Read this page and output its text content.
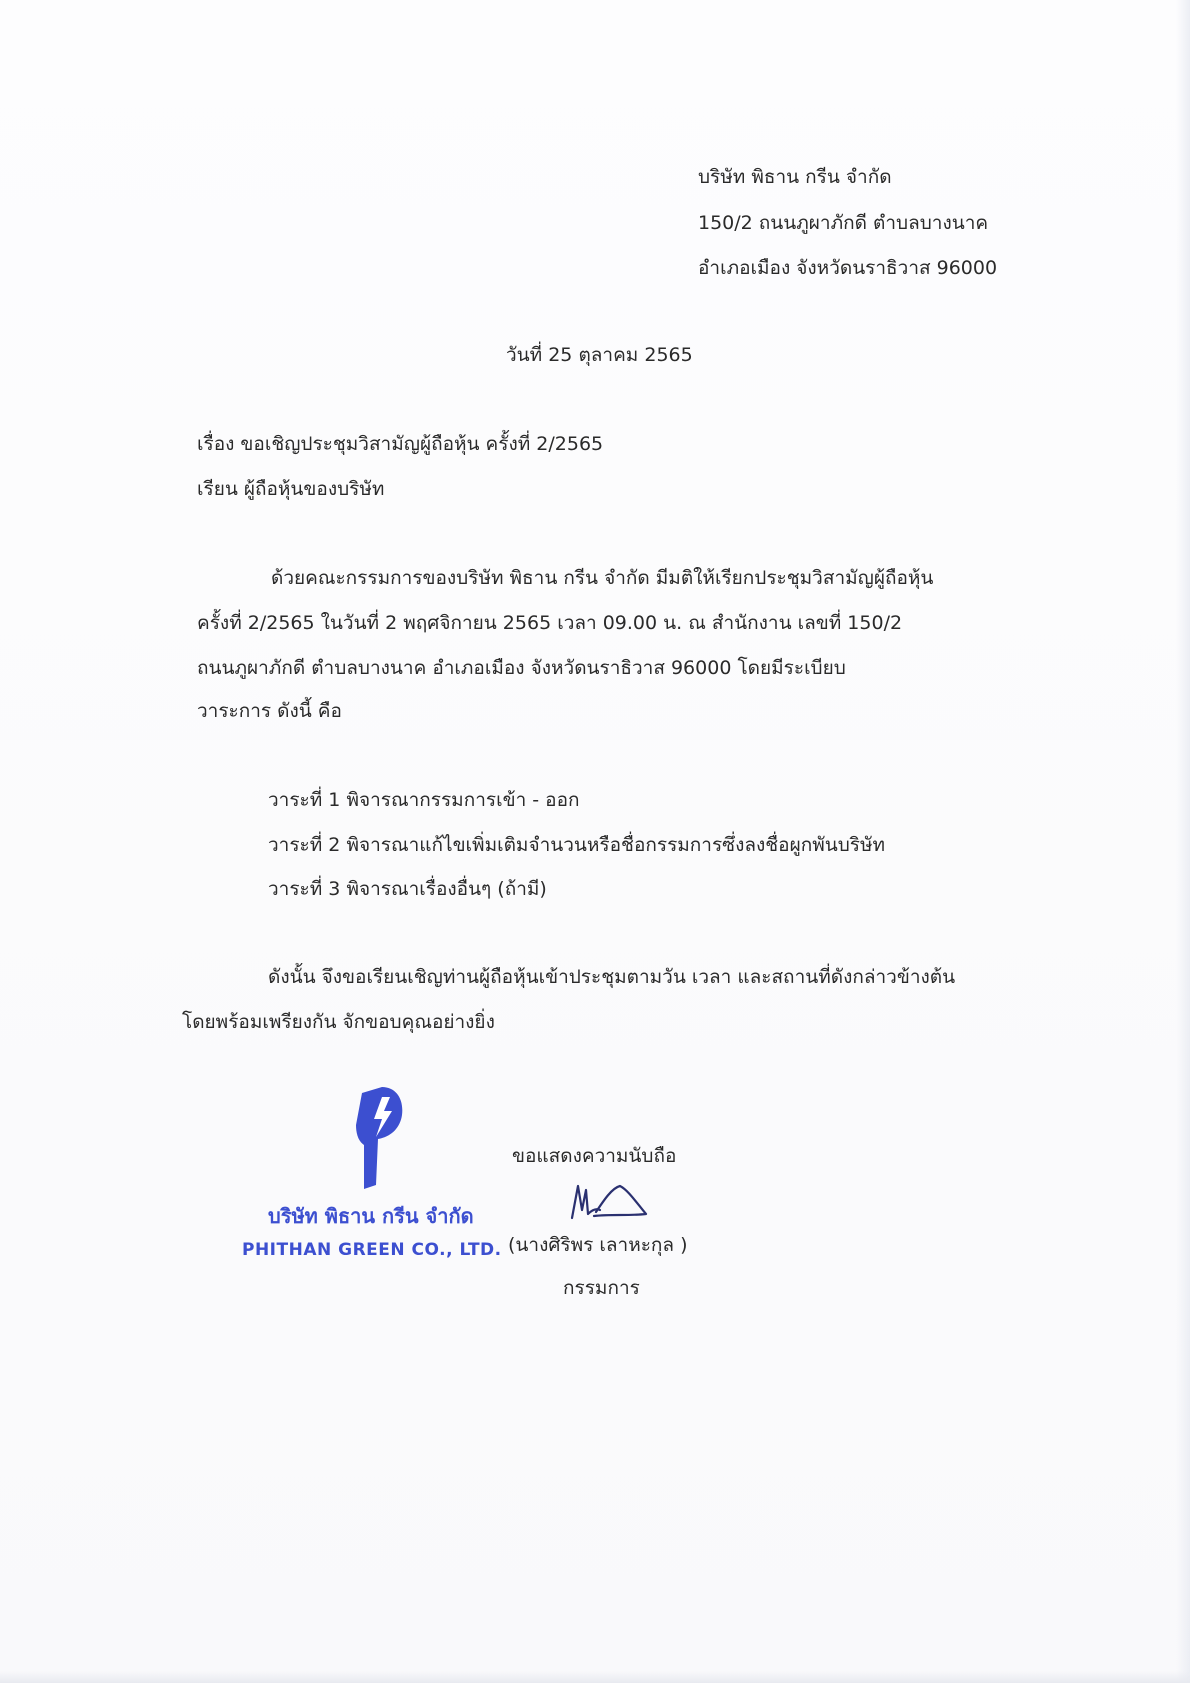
บริษัท พิธาน กรีน จำกัด
150/2 ถนนภูผาภักดี ตำบลบางนาค
อำเภอเมือง จังหวัดนราธิวาส 96000
วันที่ 25 ตุลาคม 2565
เรื่อง ขอเชิญประชุมวิสามัญผู้ถือหุ้น ครั้งที่ 2/2565
เรียน ผู้ถือหุ้นของบริษัท
ด้วยคณะกรรมการของบริษัท พิธาน กรีน จำกัด มีมติให้เรียกประชุมวิสามัญผู้ถือหุ้น
ครั้งที่ 2/2565 ในวันที่ 2 พฤศจิกายน 2565 เวลา 09.00 น. ณ สำนักงาน เลขที่ 150/2
ถนนภูผาภักดี ตำบลบางนาค อำเภอเมือง จังหวัดนราธิวาส 96000 โดยมีระเบียบ
วาระการ ดังนี้ คือ
วาระที่ 1 พิจารณากรรมการเข้า - ออก
วาระที่ 2 พิจารณาแก้ไขเพิ่มเติมจำนวนหรือชื่อกรรมการซึ่งลงชื่อผูกพันบริษัท
วาระที่ 3 พิจารณาเรื่องอื่นๆ (ถ้ามี)
ดังนั้น จึงขอเรียนเชิญท่านผู้ถือหุ้นเข้าประชุมตามวัน เวลา และสถานที่ดังกล่าวข้างต้น
โดยพร้อมเพรียงกัน จักขอบคุณอย่างยิ่ง
บริษัท พิธาน กรีน จำกัด
PHITHAN GREEN CO., LTD.
ขอแสดงความนับถือ
(นางศิริพร เลาหะกุล )
กรรมการ
